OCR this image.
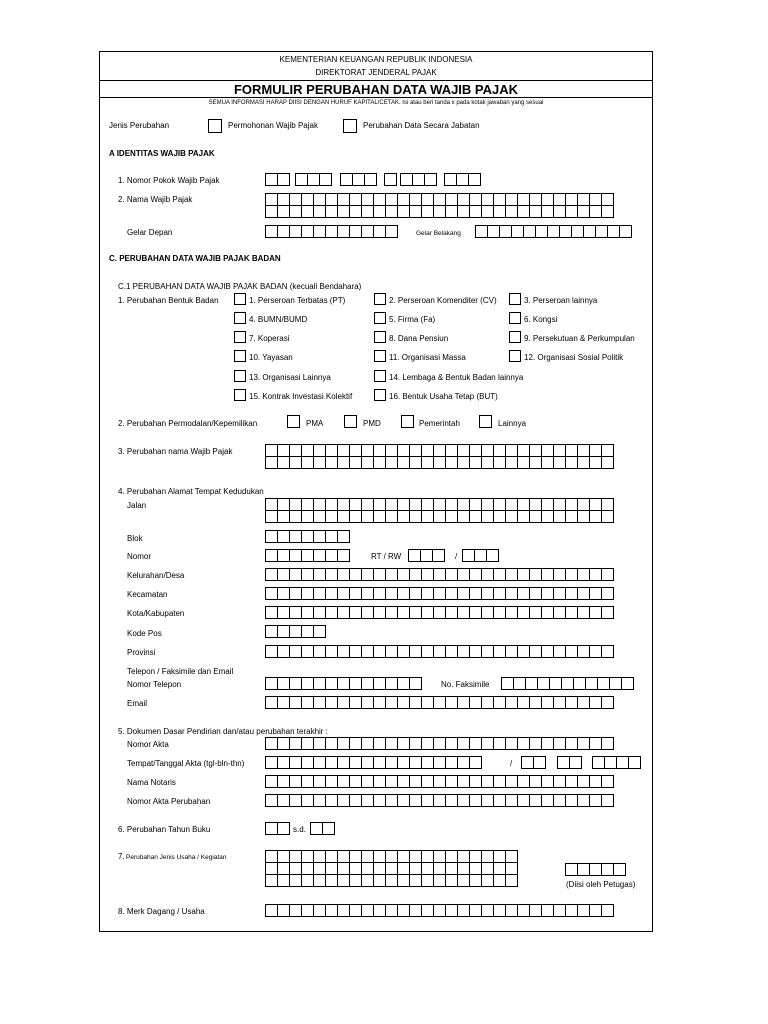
KEMENTERIAN KEUANGAN REPUBLIK INDONESIA
DIREKTORAT JENDERAL PAJAK
FORMULIR PERUBAHAN DATA WAJIB PAJAK
SEMUA INFORMASI HARAP DIISI DENGAN HURUF KAPITAL/CETAK. Isi atau beri tanda x pada kotak jawaban yang sesuai
Jenis Perubahan	Permohonan Wajib Pajak	Perubahan Data Secara Jabatan
A IDENTITAS WAJIB PAJAK
1. Nomor Pokok Wajib Pajak
2. Nama Wajib Pajak
Gelar Depan	Gelar Belakang
C. PERUBAHAN DATA WAJIB PAJAK BADAN
C.1 PERUBAHAN DATA WAJIB PAJAK BADAN (kecuali Bendahara)
1. Perubahan Bentuk Badan	1. Perseroan Terbatas (PT)	2. Perseroan Komenditer (CV)	3. Perseroan lainnya
4. BUMN/BUMD	5. Firma (Fa)	6. Kongsi
7. Koperasi	8. Dana Pensiun	9. Persekutuan & Perkumpulan
10. Yayasan	11. Organisasi Massa	12. Organisasi Sosial Politik
13. Organisasi Lainnya	14. Lembaga & Bentuk Badan lainnya
15. Kontrak Investasi Kolektif	16. Bentuk Usaha Tetap (BUT)
2. Perubahan Permodalan/Kepemilikan	PMA	PMD	Pemerintah	Lainnya
3. Perubahan nama Wajib Pajak
4. Perubahan Alamat Tempat Kedudukan
Jalan
Blok
Nomor	RT / RW	/
Kelurahan/Desa
Kecamatan
Kota/Kabupaten
Kode Pos
Provinsi
Telepon / Faksimile dan Email
Nomor Telepon	No. Faksimile
Email
5. Dokumen Dasar Pendirian dan/atau perubahan terakhir :
Nomor Akta
Tempat/Tanggal Akta (tgl-bln-thn)	/
Nama Notaris
Nomor Akta Perubahan
6. Perubahan Tahun Buku	s.d.
7. Perubahan Jenis Usaha / Kegiatan
(Diisi oleh Petugas)
8. Merk Dagang / Usaha
